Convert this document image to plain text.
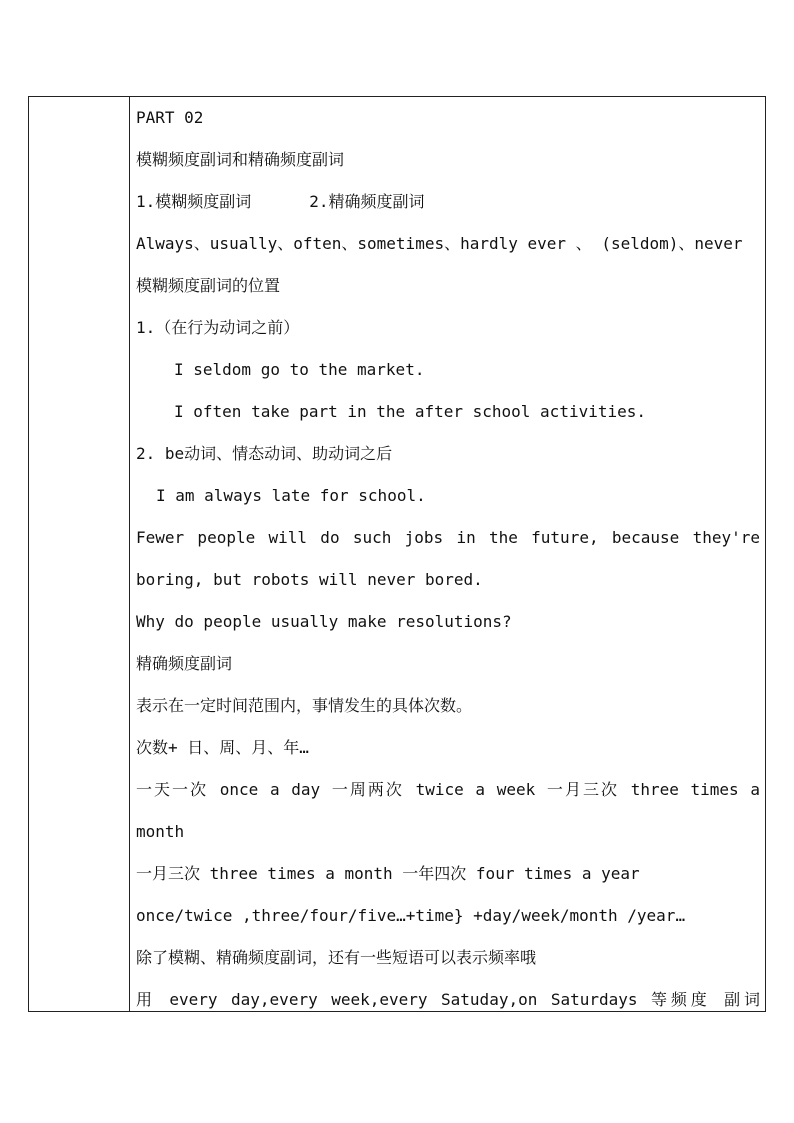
PART 02
模糊频度副词和精确频度副词
1.模糊频度副词	2.精确频度副词
Always、usually、often、sometimes、hardly ever 、 (seldom)、never
模糊频度副词的位置
1.（在行为动词之前）
I seldom go to the market.
I often take part in the after school activities.
2. be动词、情态动词、助动词之后
I am always late for school.
Fewer people will do such jobs in the future, because they're
boring, but robots will never bored.
Why do people usually make resolutions?
精确频度副词
表示在一定时间范围内，事情发生的具体次数。
次数+ 日、周、月、年…
一天一次 once a day 一周两次 twice a week 一月三次 three times a
month
一月三次 three times a month 一年四次 four times a year
once/twice ,three/four/five…+time} +day/week/month /year…
除了模糊、精确频度副词，还有一些短语可以表示频率哦
用 every day,every week,every Satuday,on Saturdays 等频度 副词
